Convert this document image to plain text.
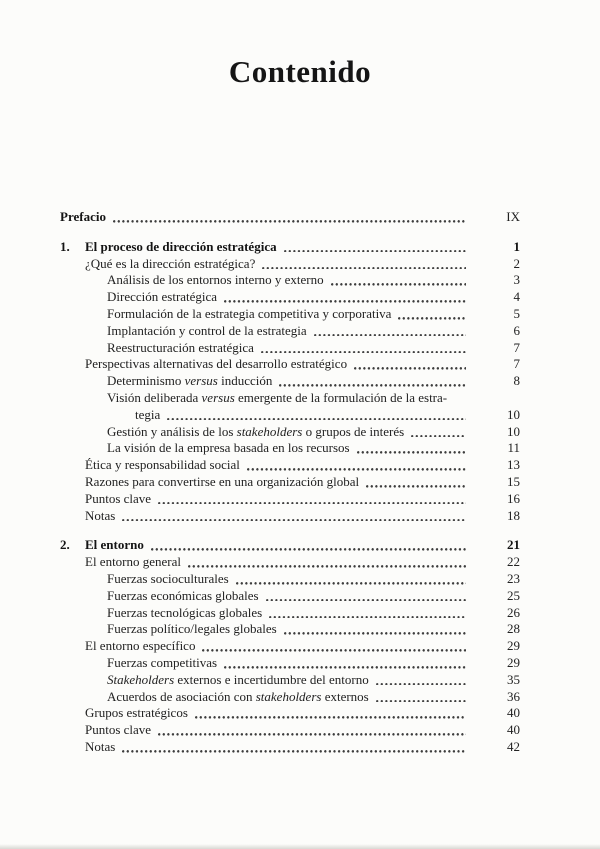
Contenido
Prefacio	IX
1.	El proceso de dirección estratégica	1
¿Qué es la dirección estratégica?	2
Análisis de los entornos interno y externo	3
Dirección estratégica	4
Formulación de la estrategia competitiva y corporativa	5
Implantación y control de la estrategia	6
Reestructuración estratégica	7
Perspectivas alternativas del desarrollo estratégico	7
Determinismo versus inducción	8
Visión deliberada versus emergente de la formulación de la estra-
tegia	10
Gestión y análisis de los stakeholders o grupos de interés	10
La visión de la empresa basada en los recursos	11
Ética y responsabilidad social	13
Razones para convertirse en una organización global	15
Puntos clave	16
Notas	18
2.	El entorno	21
El entorno general	22
Fuerzas socioculturales	23
Fuerzas económicas globales	25
Fuerzas tecnológicas globales	26
Fuerzas político/legales globales	28
El entorno específico	29
Fuerzas competitivas	29
Stakeholders externos e incertidumbre del entorno	35
Acuerdos de asociación con stakeholders externos	36
Grupos estratégicos	40
Puntos clave	40
Notas	42
